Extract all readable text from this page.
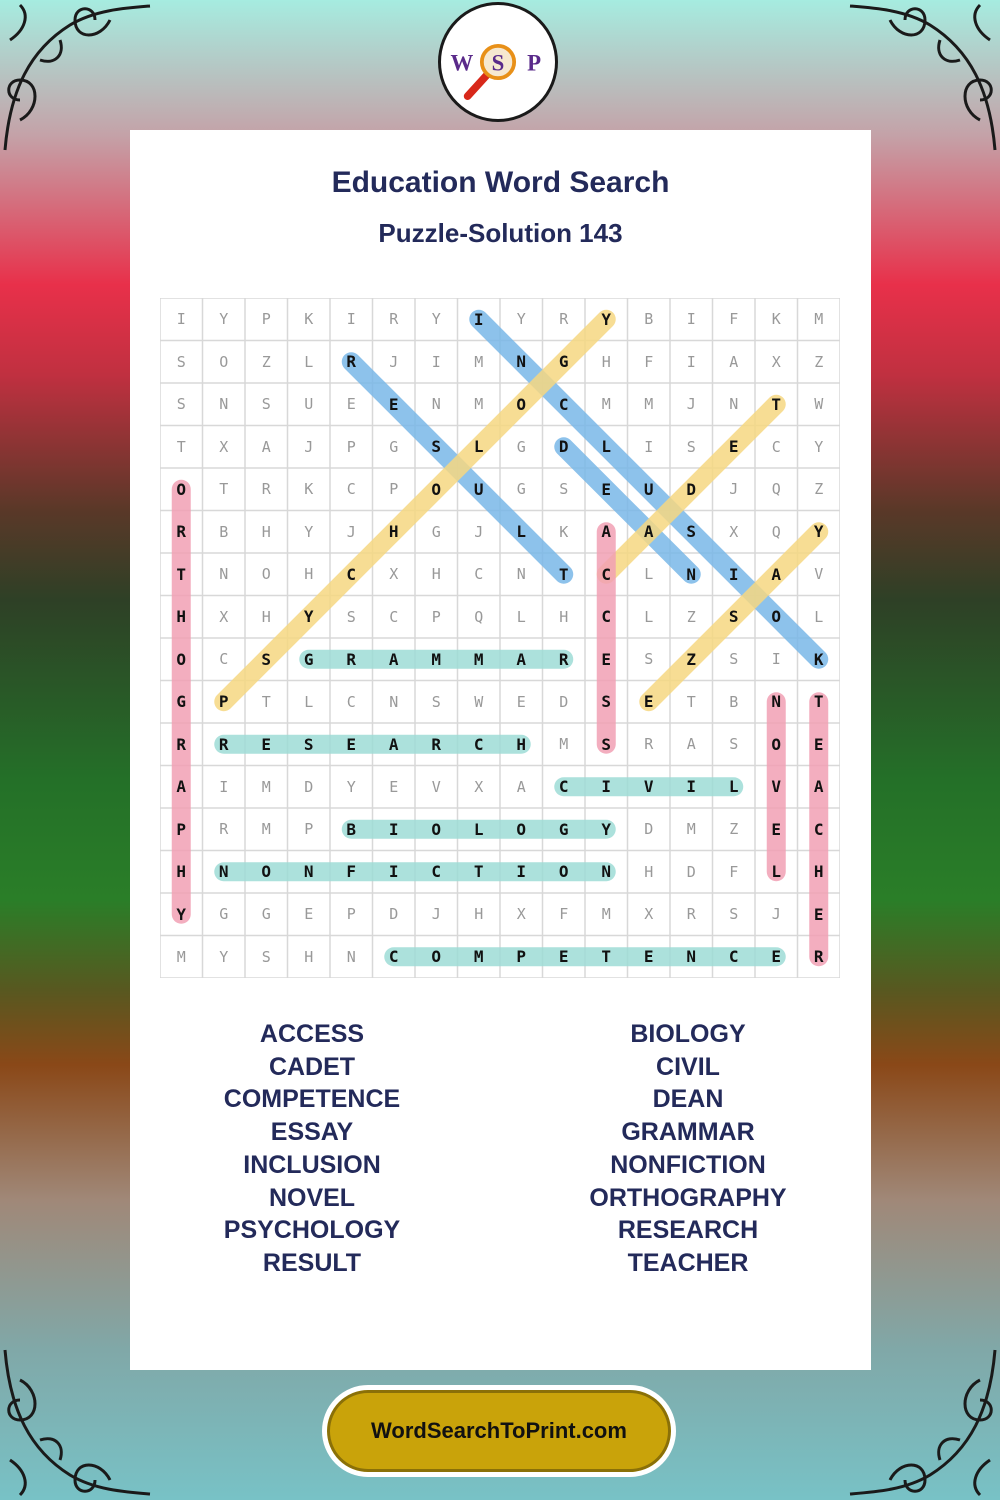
W S P
Education Word Search
Puzzle-Solution 143
I	Y	P	K	I	R	Y	I	Y	R	Y	B	I	F	K	M
S	O	Z	L	R	J	I	M	N	G	H	F	I	A	X	Z
S	N	S	U	E	E	N	M	O	C	M	M	J	N	T	W
T	X	A	J	P	G	S	L	G	D	L	I	S	E	C	Y
O	T	R	K	C	P	O	U	G	S	E	U	D	J	Q	Z
R	B	H	Y	J	H	G	J	L	K	A	A	S	X	Q	Y
T	N	O	H	C	X	H	C	N	T	C	L	N	I	A	V
H	X	H	Y	S	C	P	Q	L	H	C	L	Z	S	O	L
O	C	S	G	R	A	M	M	A	R	E	S	Z	S	I	K
G	P	T	L	C	N	S	W	E	D	S	E	T	B	N	T
R	R	E	S	E	A	R	C	H	M	S	R	A	S	O	E
A	I	M	D	Y	E	V	X	A	C	I	V	I	L	V	A
P	R	M	P	B	I	O	L	O	G	Y	D	M	Z	E	C
H	N	O	N	F	I	C	T	I	O	N	H	D	F	L	H
Y	G	G	E	P	D	J	H	X	F	M	X	R	S	J	E
M	Y	S	H	N	C	O	M	P	E	T	E	N	C	E	R
ACCESS
CADET
COMPETENCE
ESSAY
INCLUSION
NOVEL
PSYCHOLOGY
RESULT
BIOLOGY
CIVIL
DEAN
GRAMMAR
NONFICTION
ORTHOGRAPHY
RESEARCH
TEACHER
WordSearchToPrint.com
